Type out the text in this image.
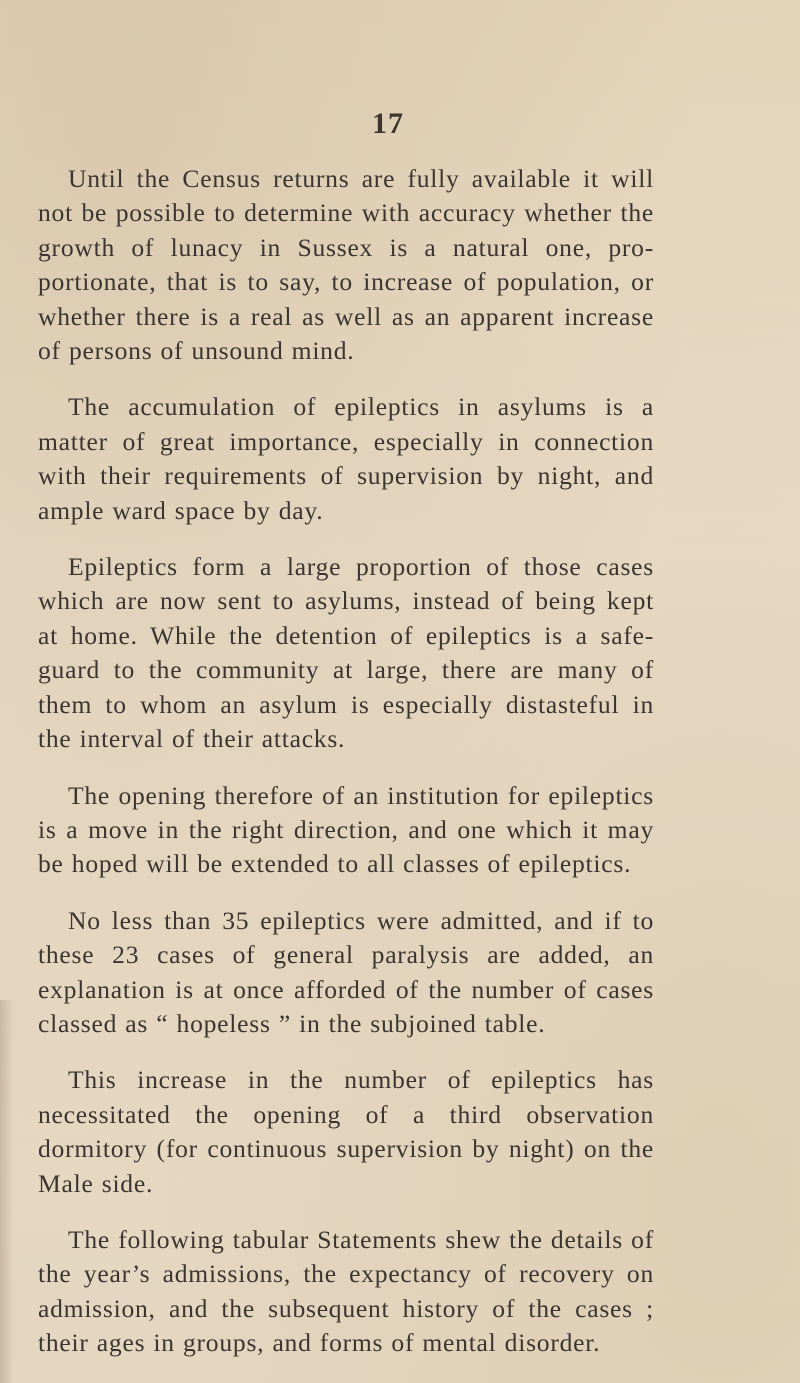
17

Until the Census returns are fully available it will not be possible to determine with accuracy whether the growth of lunacy in Sussex is a natural one, pro-portionate, that is to say, to increase of population, or whether there is a real as well as an apparent increase of persons of unsound mind.

The accumulation of epileptics in asylums is a matter of great importance, especially in connection with their requirements of supervision by night, and ample ward space by day.

Epileptics form a large proportion of those cases which are now sent to asylums, instead of being kept at home. While the detention of epileptics is a safe-guard to the community at large, there are many of them to whom an asylum is especially distasteful in the interval of their attacks.

The opening therefore of an institution for epileptics is a move in the right direction, and one which it may be hoped will be extended to all classes of epileptics.

No less than 35 epileptics were admitted, and if to these 23 cases of general paralysis are added, an explanation is at once afforded of the number of cases classed as “ hopeless ” in the subjoined table.

This increase in the number of epileptics has necessitated the opening of a third observation dormitory (for continuous supervision by night) on the Male side.

The following tabular Statements shew the details of the year’s admissions, the expectancy of recovery on admission, and the subsequent history of the cases ; their ages in groups, and forms of mental disorder.
